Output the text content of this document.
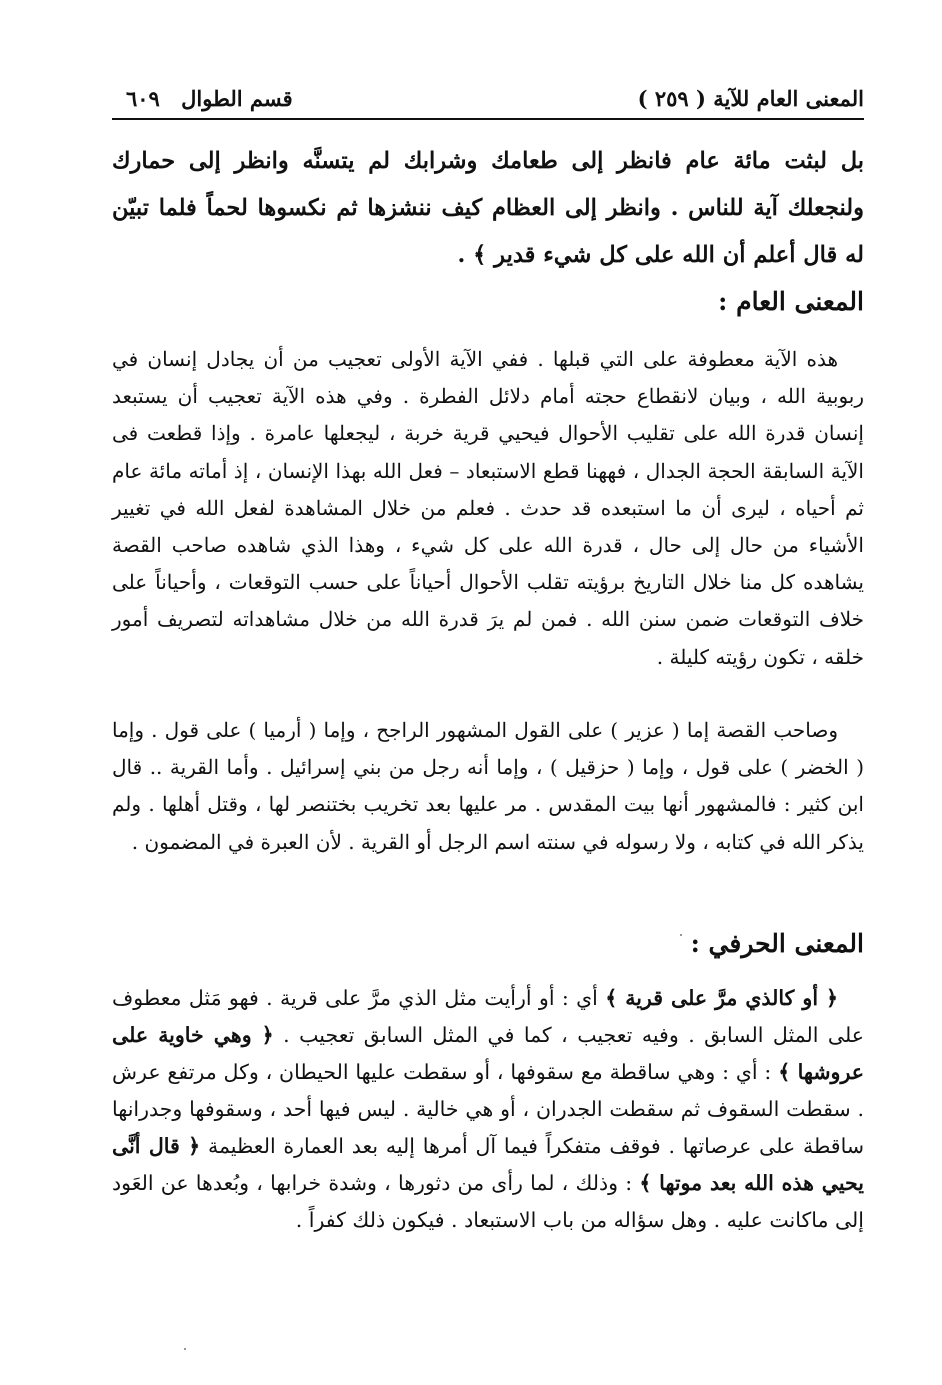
المعنى العام للآية ( ٢٥٩ )
قسم الطوال ٦٠٩
بل لبثت مائة عام فانظر إلى طعامك وشرابك لم يتسنَّه وانظر إلى حمارك ولنجعلك آية للناس . وانظر إلى العظام كيف ننشزها ثم نكسوها لحماً فلما تبيّن له قال أعلم أن الله على كل شيء قدير ﴾ .
المعنى العام :
هذه الآية معطوفة على التي قبلها . ففي الآية الأولى تعجيب من أن يجادل إنسان في ربوبية الله ، وبيان لانقطاع حجته أمام دلائل الفطرة . وفي هذه الآية تعجيب أن يستبعد إنسان قدرة الله على تقليب الأحوال فيحيي قرية خربة ، ليجعلها عامرة . وإذا قطعت فى الآية السابقة الحجة الجدال ، فهھنا قطع الاستبعاد – فعل الله بهذا الإنسان ، إذ أماته مائة عام ثم أحياه ، ليرى أن ما استبعده قد حدث . فعلم من خلال المشاهدة لفعل الله في تغيير الأشياء من حال إلى حال ، قدرة الله على كل شيء ، وهذا الذي شاهده صاحب القصة يشاهده كل منا خلال التاريخ برؤيته تقلب الأحوال أحياناً على حسب التوقعات ، وأحياناً على خلاف التوقعات ضمن سنن الله . فمن لم يرَ قدرة الله من خلال مشاهداته لتصريف أمور خلقه ، تكون رؤيته كليلة .
وصاحب القصة إما ( عزير ) على القول المشهور الراجح ، وإما ( أرميا ) على قول . وإما ( الخضر ) على قول ، وإما ( حزقيل ) ، وإما أنه رجل من بني إسرائيل . وأما القرية .. قال ابن كثير : فالمشهور أنها بيت المقدس . مر عليها بعد تخريب بختنصر لها ، وقتل أهلها . ولم يذكر الله في كتابه ، ولا رسوله في سنته اسم الرجل أو القرية . لأن العبرة في المضمون .
المعنى الحرفي :
﴿ أو كالذي مرَّ على قرية ﴾ أي : أو أرأيت مثل الذي مرَّ على قرية . فهو مَثل معطوف على المثل السابق . وفيه تعجيب ، كما في المثل السابق تعجيب . ﴿ وهي خاوية على عروشها ﴾ : أي : وهي ساقطة مع سقوفها ، أو سقطت عليها الحيطان ، وكل مرتفع عرش . سقطت السقوف ثم سقطت الجدران ، أو هي خالية . ليس فيها أحد ، وسقوفها وجدرانها ساقطة على عرصاتها . فوقف متفكراً فيما آل أمرها إليه بعد العمارة العظيمة ﴿ قال أنَّى يحيي هذه الله بعد موتها ﴾ : وذلك ، لما رأى من دثورها ، وشدة خرابها ، وبُعدها عن العَود إلى ماكانت عليه . وهل سؤاله من باب الاستبعاد . فيكون ذلك كفراً .
